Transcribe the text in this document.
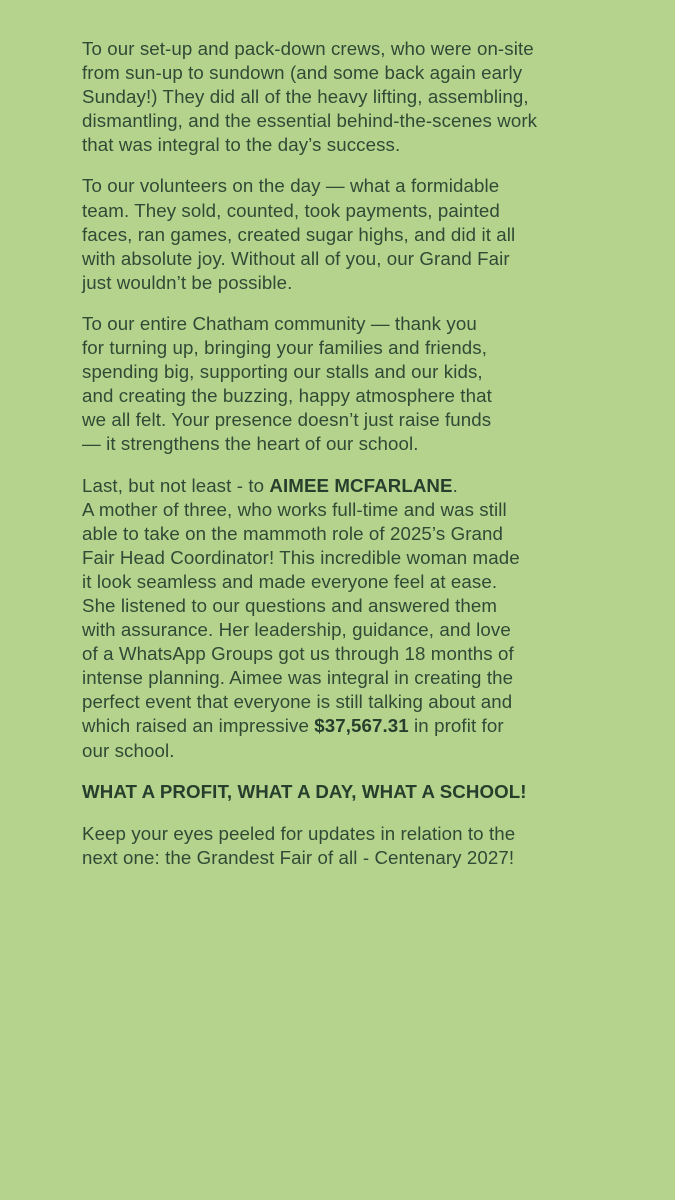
To our set-up and pack-down crews, who were on-site
from sun-up to sundown (and some back again early
Sunday!) They did all of the heavy lifting, assembling,
dismantling, and the essential behind-the-scenes work
that was integral to the day’s success.

To our volunteers on the day — what a formidable
team. They sold, counted, took payments, painted
faces, ran games, created sugar highs, and did it all
with absolute joy. Without all of you, our Grand Fair
just wouldn’t be possible.

To our entire Chatham community — thank you
for turning up, bringing your families and friends,
spending big, supporting our stalls and our kids,
and creating the buzzing, happy atmosphere that
we all felt. Your presence doesn’t just raise funds
— it strengthens the heart of our school.

Last, but not least - to AIMEE MCFARLANE.
A mother of three, who works full-time and was still
able to take on the mammoth role of 2025’s Grand
Fair Head Coordinator! This incredible woman made
it look seamless and made everyone feel at ease.
She listened to our questions and answered them
with assurance. Her leadership, guidance, and love
of a WhatsApp Groups got us through 18 months of
intense planning. Aimee was integral in creating the
perfect event that everyone is still talking about and
which raised an impressive $37,567.31 in profit for
our school.

WHAT A PROFIT, WHAT A DAY, WHAT A SCHOOL!

Keep your eyes peeled for updates in relation to the
next one: the Grandest Fair of all - Centenary 2027!
